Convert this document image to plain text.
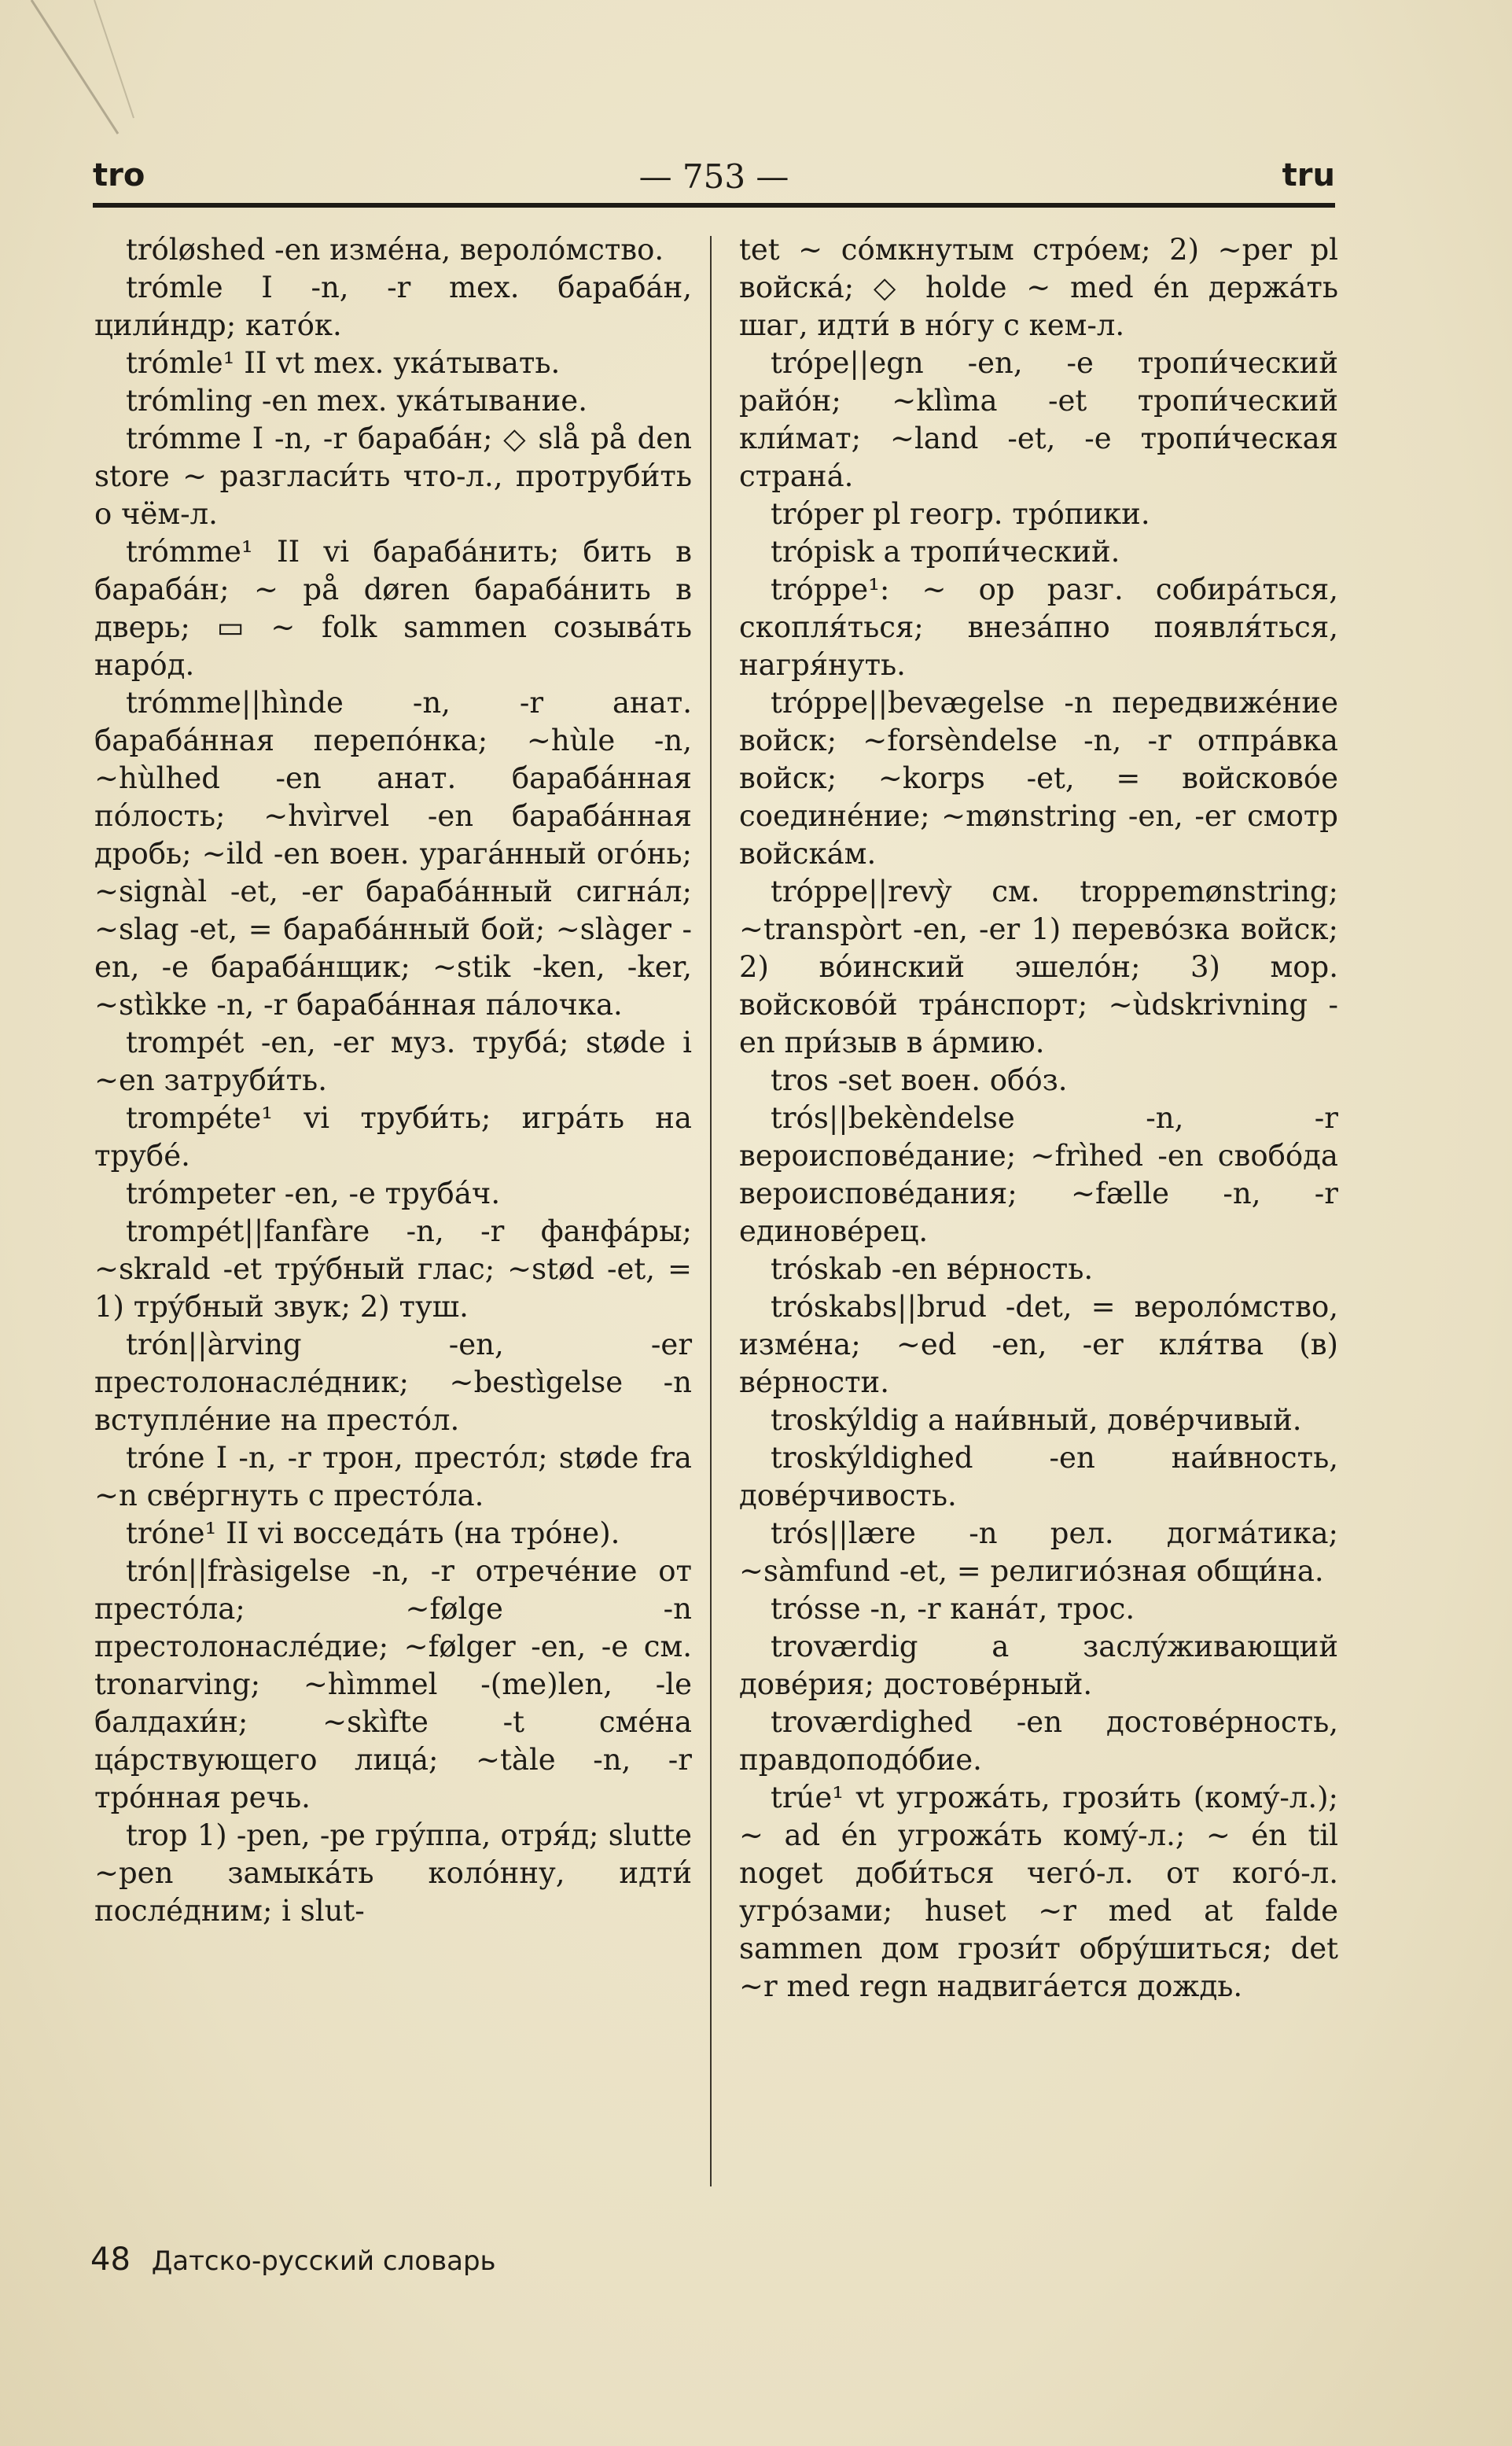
tro	— 753 —	tru

tróløshed -en измéна, вероло́мство.

trómle I -n, -r mex. барабáн, цили́ндр; катóк.

trómle¹ II vt mex. укáтывать.

trómling -en mex. укáтывание.

trómme I -n, -r барабáн; ◇ slå på den store ~ разгласи́ть что-л., протруби́ть о чём-л.

trómme¹ II vi барабáнить; бить в барабáн; ~ på døren барабáнить в дверь; ▭ ~ folk sammen созывáть нарóд.

trómme||hìnde -n, -r анат. барабáнная перепóнка; ~hùle -n, ~hùlhed -en анат. барабáнная пóлость; ~hvìrvel -en барабáнная дробь; ~ild -en воен. урагáнный огóнь; ~signàl -et, -er барабáнный сигнáл; ~slag -et, = барабáнный бой; ~slàger -en, -e барабáнщик; ~stik -ken, -ker, ~stìkke -n, -r барабáнная пáлочка.

trompét -en, -er муз. трубá; støde i ~en затруби́ть.

trompéte¹ vi труби́ть; игрáть на трубé.

trómpeter -en, -e трубáч.

trompét||fanfàre -n, -r фанфáры; ~skrald -et трýбный глас; ~stød -et, = 1) трýбный звук; 2) туш.

trón||àrving -en, -er престолонаслéдник; ~bestìgelse -n вступлéние на престóл.

tróne I -n, -r трон, престóл; støde fra ~n свéргнуть с престóла.

tróne¹ II vi восседáть (на трóне).

trón||fràsigelse -n, -r отречéние от престóла; ~følge -n престолонаслéдие; ~følger -en, -e см. tronarving; ~hìmmel -(me)len, -le балдахи́н; ~skìfte -t смéна цáрствующего лицá; ~tàle -n, -r трóнная речь.

trop 1) -pen, -pe грýппа, отря́д; slutte ~pen замыкáть колóнну, идти́ послéдним; i slut-

tet ~ сóмкнутым стрóем; 2) ~per pl войскá; ◇ holde ~ med én держáть шаг, идти́ в нóгу с кем-л.

trópe||egn -en, -e тропи́ческий райóн; ~klìma -et тропи́ческий кли́мат; ~land -et, -e тропи́ческая странá.

tróper pl геогр. трóпики.

trópisk a тропи́ческий.

tróppe¹: ~ op разг. собирáться, скопля́ться; внезáпно появля́ться, нагря́нуть.

tróppe||bevægelse -n передвижéние войск; ~forsèndelse -n, -r отпрáвка войск; ~korps -et, = войсковóе соединéние; ~mønstring -en, -er смотр войскáм.

tróppe||revỳ см. troppemønstring; ~transpòrt -en, -er 1) перевóзка войск; 2) вóинский эшелóн; 3) мор. войсковóй трáнспорт; ~ùdskrivning -en при́зыв в áрмию.

tros -set воен. обóз.

trós||bekèndelse -n, -r вероисповéдание; ~frìhed -en свобóда вероисповéдания; ~fælle -n, -r единовéрец.

tróskab -en вéрность.

tróskabs||brud -det, = вероло́мство, измéна; ~ed -en, -er кля́тва (в) вéрности.

troskýldig a наи́вный, довéрчивый.

troskýldighed -en наи́вность, довéрчивость.

trós||lære -n рел. догмáтика; ~sàmfund -et, = религиóзная общи́на.

trósse -n, -r канáт, трос.

troværdig a заслýживающий довéрия; достовéрный.

troværdighed -en достовéрность, правдоподóбие.

trúe¹ vt угрожáть, грози́ть (комý-л.); ~ ad én угрожáть комý-л.; ~ én til noget доби́ться чегó-л. от когó-л. угрóзами; huset ~r med at falde sammen дом грози́т обрýшиться; det ~r med regn надвигáется дождь.

48 Датско-русский словарь
